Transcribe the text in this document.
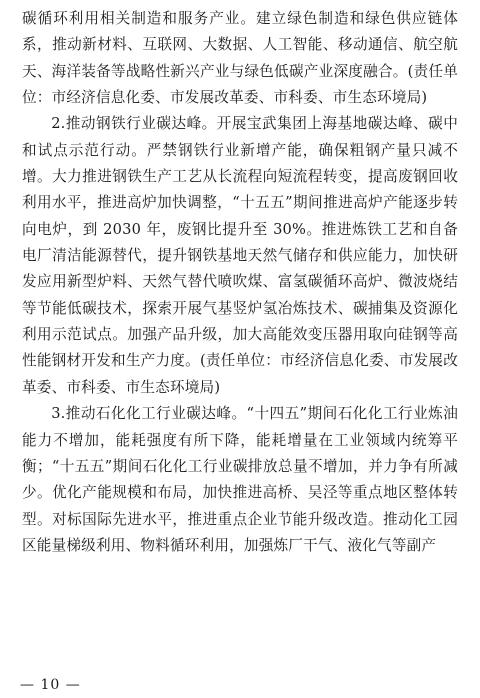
碳循环利用相关制造和服务产业。建立绿色制造和绿色供应链体系，推动新材料、互联网、大数据、人工智能、移动通信、航空航天、海洋装备等战略性新兴产业与绿色低碳产业深度融合。(责任单位：市经济信息化委、市发展改革委、市科委、市生态环境局)

2.推动钢铁行业碳达峰。开展宝武集团上海基地碳达峰、碳中和试点示范行动。严禁钢铁行业新增产能，确保粗钢产量只减不增。大力推进钢铁生产工艺从长流程向短流程转变，提高废钢回收利用水平，推进高炉加快调整，“十五五”期间推进高炉产能逐步转向电炉，到 2030 年，废钢比提升至 30%。推进炼铁工艺和自备电厂清洁能源替代，提升钢铁基地天然气储存和供应能力，加快研发应用新型炉料、天然气替代喷吹煤、富氢碳循环高炉、微波烧结等节能低碳技术，探索开展气基竖炉氢冶炼技术、碳捕集及资源化利用示范试点。加强产品升级，加大高能效变压器用取向硅钢等高性能钢材开发和生产力度。(责任单位：市经济信息化委、市发展改革委、市科委、市生态环境局)

3.推动石化化工行业碳达峰。“十四五”期间石化化工行业炼油能力不增加，能耗强度有所下降，能耗增量在工业领域内统筹平衡；“十五五”期间石化化工行业碳排放总量不增加，并力争有所减少。优化产能规模和布局，加快推进高桥、吴泾等重点地区整体转型。对标国际先进水平，推进重点企业节能升级改造。推动化工园区能量梯级利用、物料循环利用，加强炼厂干气、液化气等副产

— 10 —
